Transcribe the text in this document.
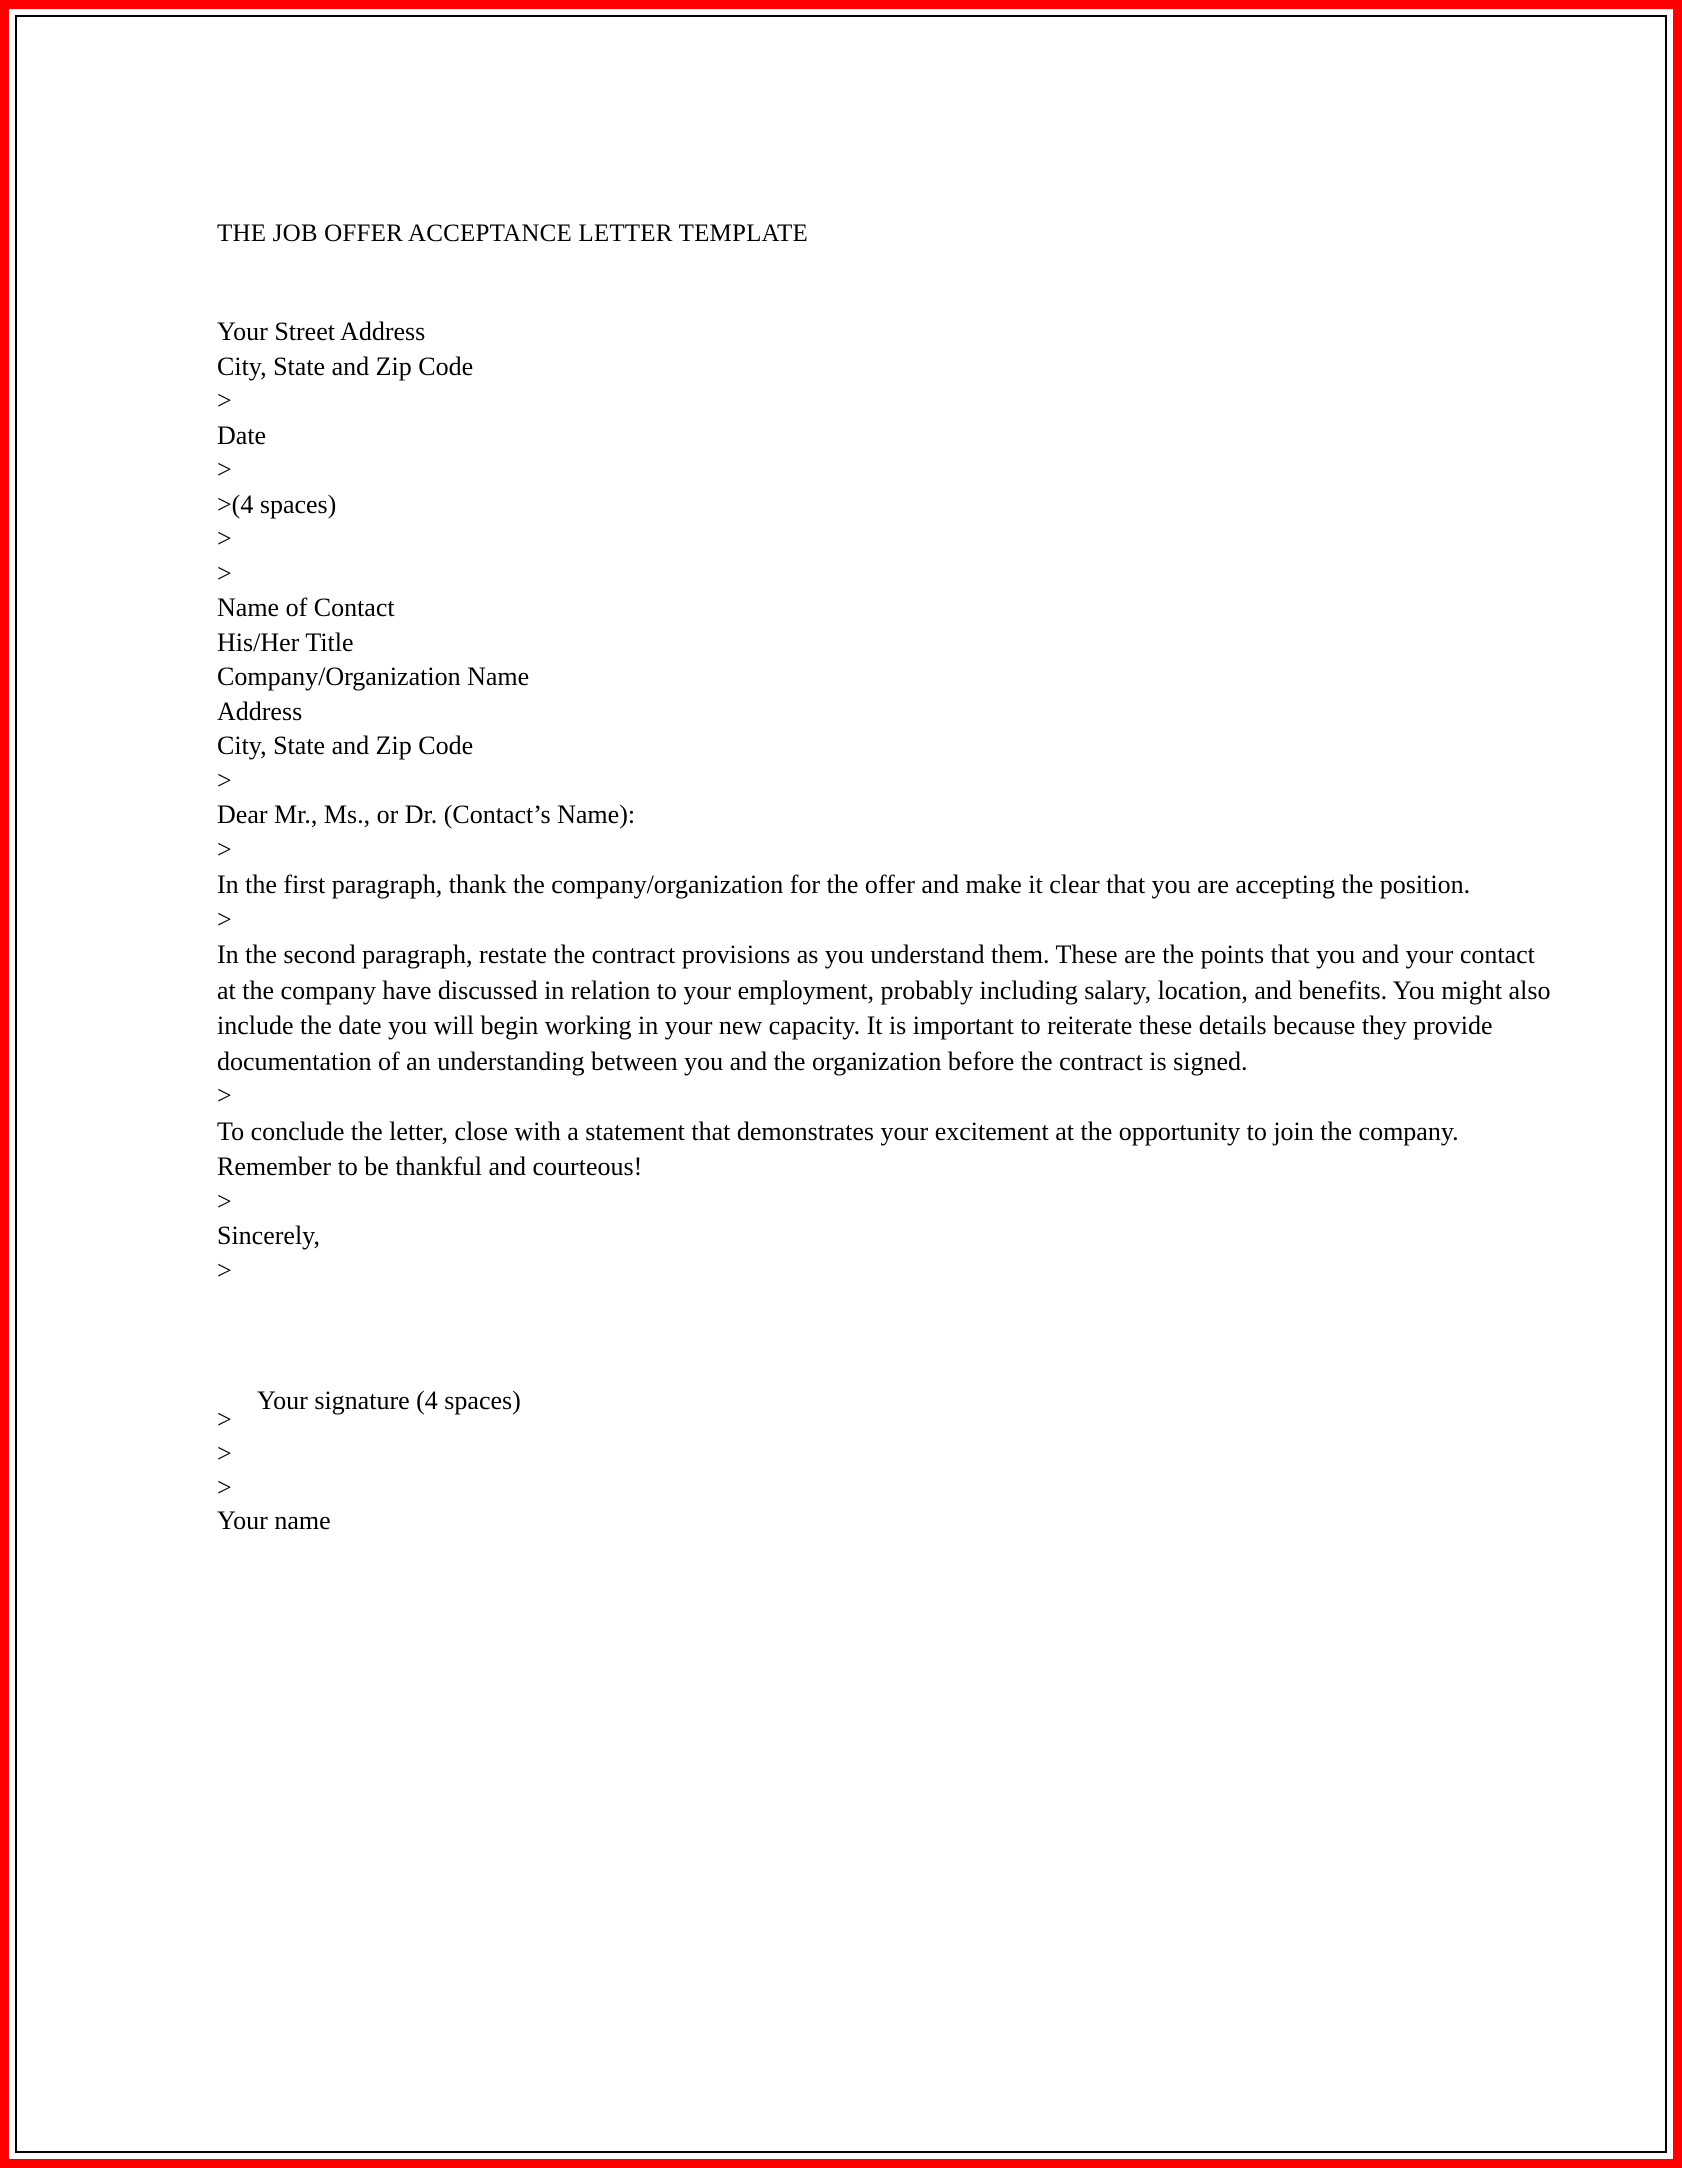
THE JOB OFFER ACCEPTANCE LETTER TEMPLATE

Your Street Address

City, State and Zip Code

>

Date

>

>(4 spaces)

>

>

Name of Contact

His/Her Title

Company/Organization Name

Address

City, State and Zip Code

>

Dear Mr., Ms., or Dr. (Contact’s Name):

>

In the first paragraph, thank the company/organization for the offer and make it clear that you are accepting the position.

>

In the second paragraph, restate the contract provisions as you understand them. These are the points that you and your contact at the company have discussed in relation to your employment, probably including salary, location, and benefits. You might also include the date you will begin working in your new capacity. It is important to reiterate these details because they provide documentation of an understanding between you and the organization before the contract is signed.

>

To conclude the letter, close with a statement that demonstrates your excitement at the opportunity to join the company. Remember to be thankful and courteous!

>

Sincerely,

>

Your signature (4 spaces)
>
>
>

Your name
